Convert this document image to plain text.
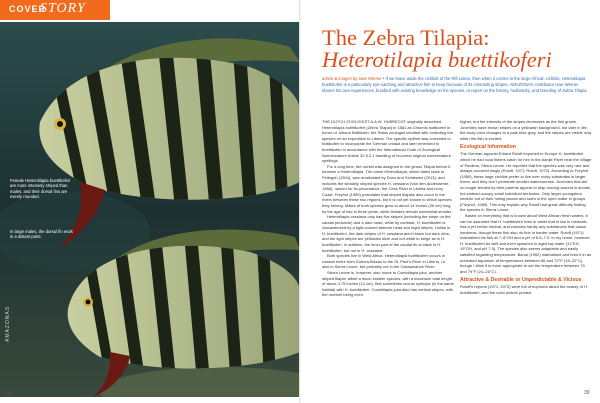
COVER
STORY
Female Heterotilapia buettikoferi are more intensely striped than males, and their dorsal fins are evenly rounded.
In large males, the dorsal fin ends in a distant point.
AMAZONAS
38
The Zebra Tilapia:
Heterotilapia buettikoferi
article & images by Uwe Werner • If we leave aside the cichlids of the Rift Lakes, then when it comes to the large African cichlids, Heterotilapia buettikoferi is a particularly eye-catching and attractive fish to keep because of its contrasting stripes. AMAZONAS contributor Uwe Werner shares his own experiences, bundled with existing knowledge on the species, to report on the history, husbandry, and breeding of Zebra Tilapia.

THE DUTCH ZOOLOGIST A.A.W. HUBRECHT originally described Heterotilapia buettikoferi (Zebra Tilapia) in 1881 as Chromis buttikoferi in honor of Johann Büttikofer, the Swiss zoologist credited with collecting the species on an expedition to Liberia. The specific epithet was corrected to büttikoferi to incorporate the German umlaut and later emended to buettikoferi in accordance with the International Code of Zoological Nomenclature Article 32.5.2.1 handling of incorrect original nomenclature spellings.

For a long time, the cichlid was assigned to the genus Tilapia before it became a Heterotilapia. The name Heterotilapia, which dates back to Pellegrin (1904), was revalidated by Dunz and Schliewen (2013), and includes the similarly striped species H. cessiana (Van den Audenaerde, 1968), named for its provenance, the Cess River in Liberia and Ivory Coast. Freyhof (1989) postulates that striped tilapias also occur in the rivers between these two regions, but it is not yet known to which species they belong. Males of both species grow to about 14 inches (35 cm) long by the age of two to three years, while females remain somewhat smaller.

Heterotilapia cessiana only has five stripes (including the stripe on the caudal peduncle) and a dark head, while by contrast, H. buettikoferi is characterized by a light-colored anterior head and eight stripes. Unlike in H. buettikoferi, the dark stripes of H. cessiana aren't black but dark olive, and the light stripes are yellowish olive and not white to beige as in H. buettikoferi. In addition, the inner part of the caudal fin is black in H. buettikoferi, but not in H. cessiana.

Both species live in West Africa. Heterotilapia buettikoferi occurs in coastal rivers from Guinea-Bissau to the St. Paul's River in Liberia, i.e. also in Sierra Leone, but probably not in the Cassamance River.

Sierra Leone is, however, also home to Coelotilapia joka, another striped tilapia, albeit a much smaller species, with a maximum total length of about 4.75 inches (12 cm), that sometimes occurs syntopic (in the same habitat) with H. buettikoferi. Coelotilapia joka also has vertical stripes, with the number being even

higher, but the intensity of the stripes decreases as the fish grows. Juveniles have brown stripes on a yellowish background, but later in life, the body color changes to a pale blue-gray, and the stripes are visible only when the fish is excited.

Ecological Information

The German aquarist Erhard Roloff imported to Europe H. buettikoferi which he had local fishers catch for him in the Aanjie River near the village of Paolima, Sierra Leone. He reported that the species was very rare and always occurred singly (Roloff, 1971; Roloff, 1972). According to Freyhof (1989), these large cichlids prefer to live over rocky substrates in larger rivers, and they don't penetrate smaller watercourses. Juveniles that are no longer tended by their parents appear to stop moving around in shoals, but instead occupy small individual territories. Only larger youngsters venture out of their hiding places and swim in the open water in groups (Freyhof, 1989). This may explain why Roloff had great difficulty finding the species in Sierra Leone.

Based on everything that is known about West African fresh waters, it can be assumed that H. buettikoferi lives in water that is low in minerals, has a pH below neutral, and contains hardly any substances that cause hardness, though these fish also do fine in harder water. Roloff (1971) maintained his fish at 7–8°GH and a pH of 6.5–7.0. In my home, however, H. buettikoferi do well and even spawned in aged tap water (11°KH, 19°GH, and pH 7.5). The species also seems adaptable and easily satisfied regarding temperature. Baruš (1992) maintained and bred it in an unheated aquarium at temperatures between 66 and 72°F (19–22°C), though I think it is more appropriate to set the temperature between 75 and 79°F (24–26°C).

Attractive & Desirable or Unpredictable & Vicious

Roloff's reports (1971; 1972) were full of euphoria about the beauty of H. buettikoferi, and the color picture printed

39
